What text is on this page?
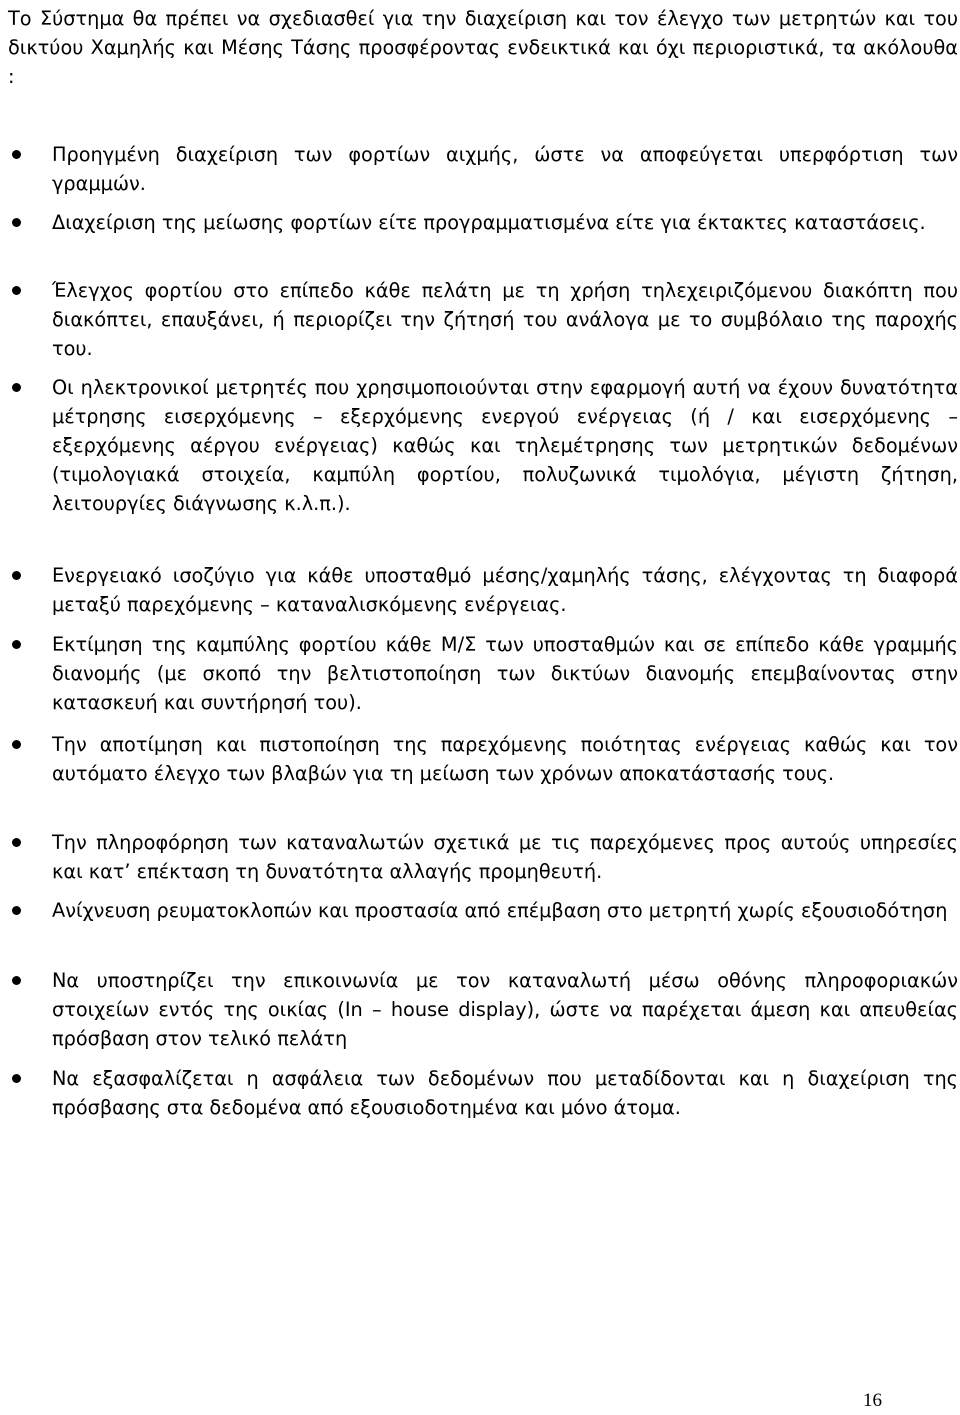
Το Σύστημα θα πρέπει να σχεδιασθεί για την διαχείριση και τον έλεγχο των μετρητών και του δικτύου Χαμηλής και Μέσης Τάσης προσφέροντας ενδεικτικά και όχι περιοριστικά, τα ακόλουθα :

Προηγμένη διαχείριση των φορτίων αιχμής, ώστε να αποφεύγεται υπερφόρτιση των γραμμών.

Διαχείριση της μείωσης φορτίων είτε προγραμματισμένα είτε για έκτακτες καταστάσεις.

Έλεγχος φορτίου στο επίπεδο κάθε πελάτη με τη χρήση τηλεχειριζόμενου διακόπτη που διακόπτει, επαυξάνει, ή περιορίζει την ζήτησή του ανάλογα με το συμβόλαιο της παροχής του.

Οι ηλεκτρονικοί μετρητές που χρησιμοποιούνται στην εφαρμογή αυτή να έχουν δυνατότητα μέτρησης εισερχόμενης – εξερχόμενης ενεργού ενέργειας (ή / και εισερχόμενης – εξερχόμενης αέργου ενέργειας) καθώς και τηλεμέτρησης των μετρητικών δεδομένων (τιμολογιακά στοιχεία, καμπύλη φορτίου, πολυζωνικά τιμολόγια, μέγιστη ζήτηση, λειτουργίες διάγνωσης κ.λ.π.).

Ενεργειακό ισοζύγιο για κάθε υποσταθμό μέσης/χαμηλής τάσης, ελέγχοντας τη διαφορά μεταξύ παρεχόμενης – καταναλισκόμενης ενέργειας.

Εκτίμηση της καμπύλης φορτίου κάθε Μ/Σ των υποσταθμών και σε επίπεδο κάθε γραμμής διανομής (με σκοπό την βελτιστοποίηση των δικτύων διανομής επεμβαίνοντας στην κατασκευή και συντήρησή του).

Την αποτίμηση και πιστοποίηση της παρεχόμενης ποιότητας ενέργειας καθώς και τον αυτόματο έλεγχο των βλαβών για τη μείωση των χρόνων αποκατάστασής τους.

Την πληροφόρηση των καταναλωτών σχετικά με τις παρεχόμενες προς αυτούς υπηρεσίες και κατ’ επέκταση τη δυνατότητα αλλαγής προμηθευτή.

Ανίχνευση ρευματοκλοπών και προστασία από επέμβαση στο μετρητή χωρίς εξουσιοδότηση

Να υποστηρίζει την επικοινωνία με τον καταναλωτή μέσω οθόνης πληροφοριακών στοιχείων εντός της οικίας (In – house display), ώστε να παρέχεται άμεση και απευθείας πρόσβαση στον τελικό πελάτη

Να εξασφαλίζεται η ασφάλεια των δεδομένων που μεταδίδονται και η διαχείριση της πρόσβασης στα δεδομένα από εξουσιοδοτημένα και μόνο άτομα.

16
